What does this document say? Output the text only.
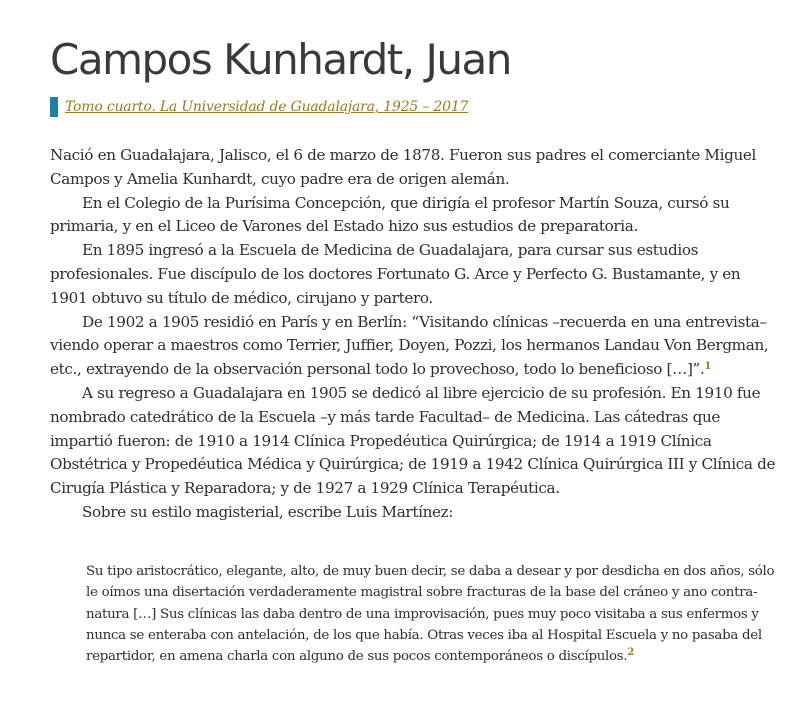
Campos Kunhardt, Juan
Tomo cuarto. La Universidad de Guadalajara, 1925 – 2017

Nació en Guadalajara, Jalisco, el 6 de marzo de 1878. Fueron sus padres el comerciante Miguel Campos y Amelia Kunhardt, cuyo padre era de origen alemán.

En el Colegio de la Purísima Concepción, que dirigía el profesor Martín Souza, cursó su primaria, y en el Liceo de Varones del Estado hizo sus estudios de preparatoria.

En 1895 ingresó a la Escuela de Medicina de Guadalajara, para cursar sus estudios profesionales. Fue discípulo de los doctores Fortunato G. Arce y Perfecto G. Bustamante, y en 1901 obtuvo su título de médico, cirujano y partero.

De 1902 a 1905 residió en París y en Berlín: “Visitando clínicas –recuerda en una entrevista– viendo operar a maestros como Terrier, Juffier, Doyen, Pozzi, los hermanos Landau Von Bergman, etc., extrayendo de la observación personal todo lo provechoso, todo lo beneficioso […]”.$^1$

A su regreso a Guadalajara en 1905 se dedicó al libre ejercicio de su profesión. En 1910 fue nombrado catedrático de la Escuela –y más tarde Facultad– de Medicina. Las cátedras que impartió fueron: de 1910 a 1914 Clínica Propedéutica Quirúrgica; de 1914 a 1919 Clínica Obstétrica y Propedéutica Médica y Quirúrgica; de 1919 a 1942 Clínica Quirúrgica III y Clínica de Cirugía Plástica y Reparadora; y de 1927 a 1929 Clínica Terapéutica.

Sobre su estilo magisterial, escribe Luis Martínez:

Su tipo aristocrático, elegante, alto, de muy buen decir, se daba a desear y por desdicha en dos años, sólo le oímos una disertación verdaderamente magistral sobre fracturas de la base del cráneo y ano contra-natura […] Sus clínicas las daba dentro de una improvisación, pues muy poco visitaba a sus enfermos y nunca se enteraba con antelación, de los que había. Otras veces iba al Hospital Escuela y no pasaba del repartidor, en amena charla con alguno de sus pocos contemporáneos o discípulos.$^2$
